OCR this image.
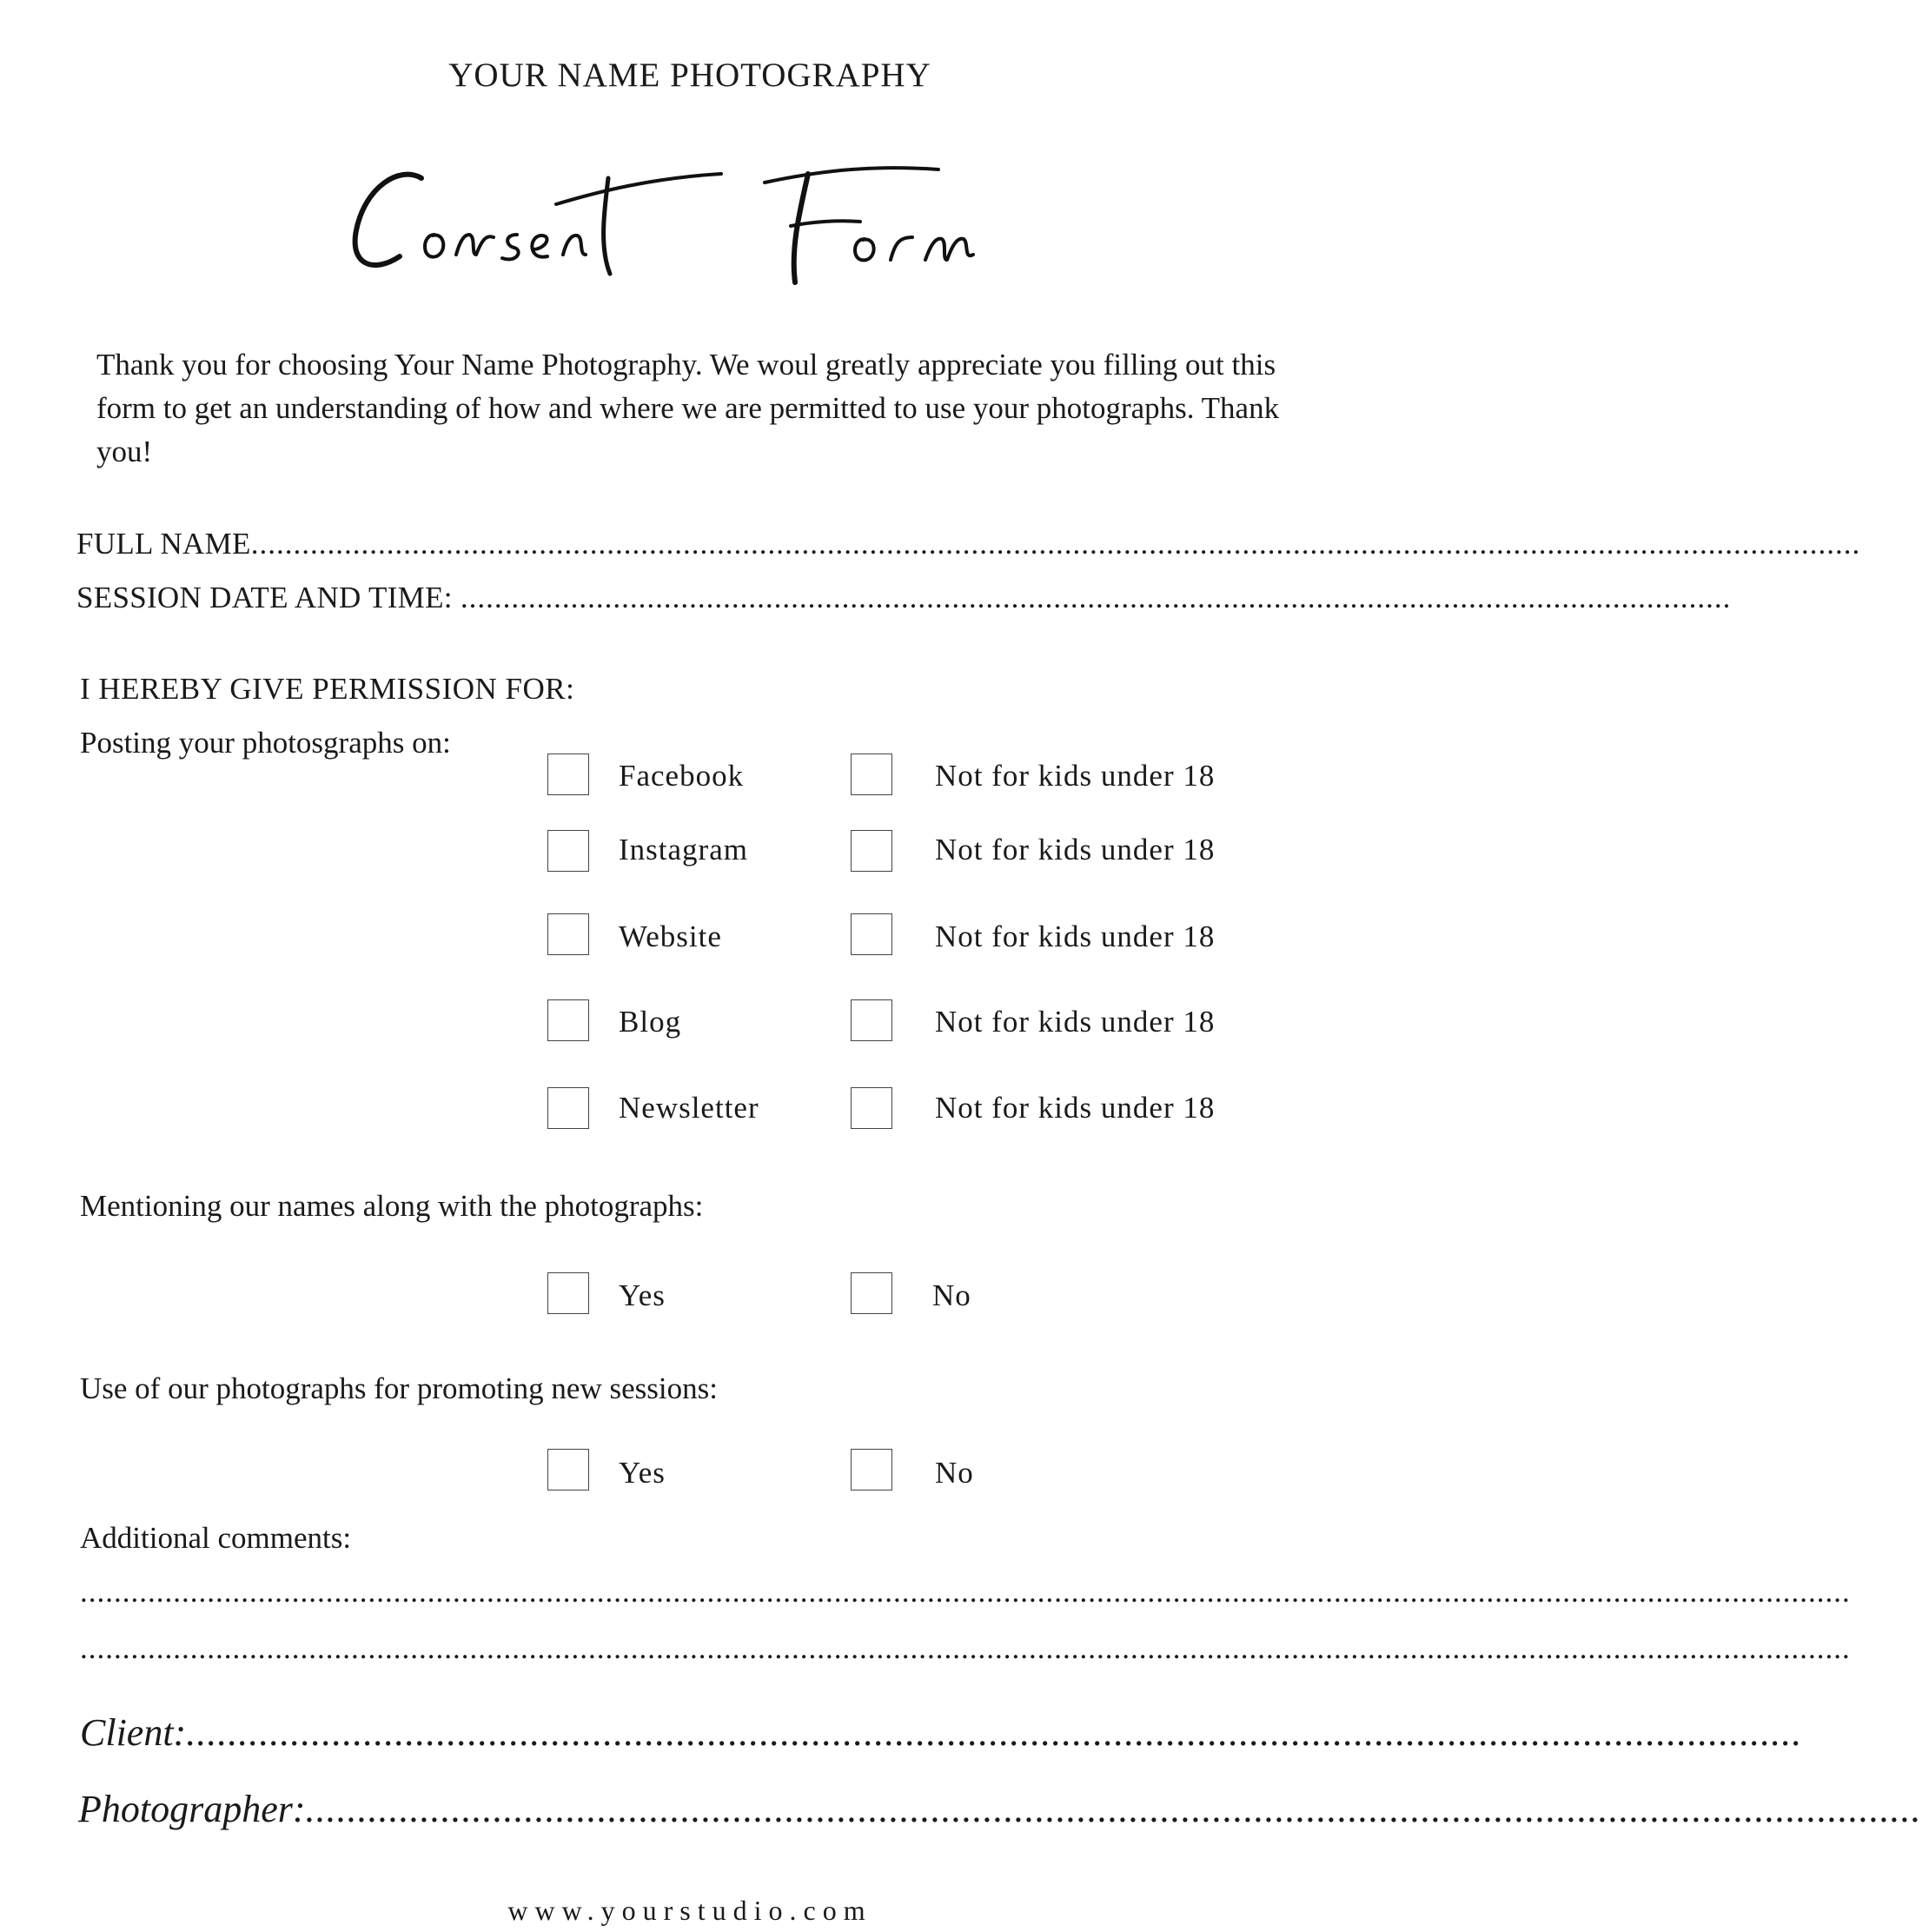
YOUR NAME PHOTOGRAPHY
Thank you for choosing Your Name Photography. We woul greatly appreciate you filling out this form to get an understanding of how and where we are permitted to use your photographs. Thank you!
FULL NAME..............................................................................................................................................................................................
SESSION DATE AND TIME: ......................................................................................................................................................
I HEREBY GIVE PERMISSION FOR:
Posting your photosgraphs on:
Facebook	Not for kids under 18
Instagram	Not for kids under 18
Website	Not for kids under 18
Blog	Not for kids under 18
Newsletter	Not for kids under 18
Mentioning our names along with the photographs:
Yes	No
Use of our photographs for promoting new sessions:
Yes	No
Additional comments:
.................................................................................................................................................................................................................
.................................................................................................................................................................................................................
Client:...........................................................................................................................................................
Photographer:...........................................................................................................................................................
www.yourstudio.com
